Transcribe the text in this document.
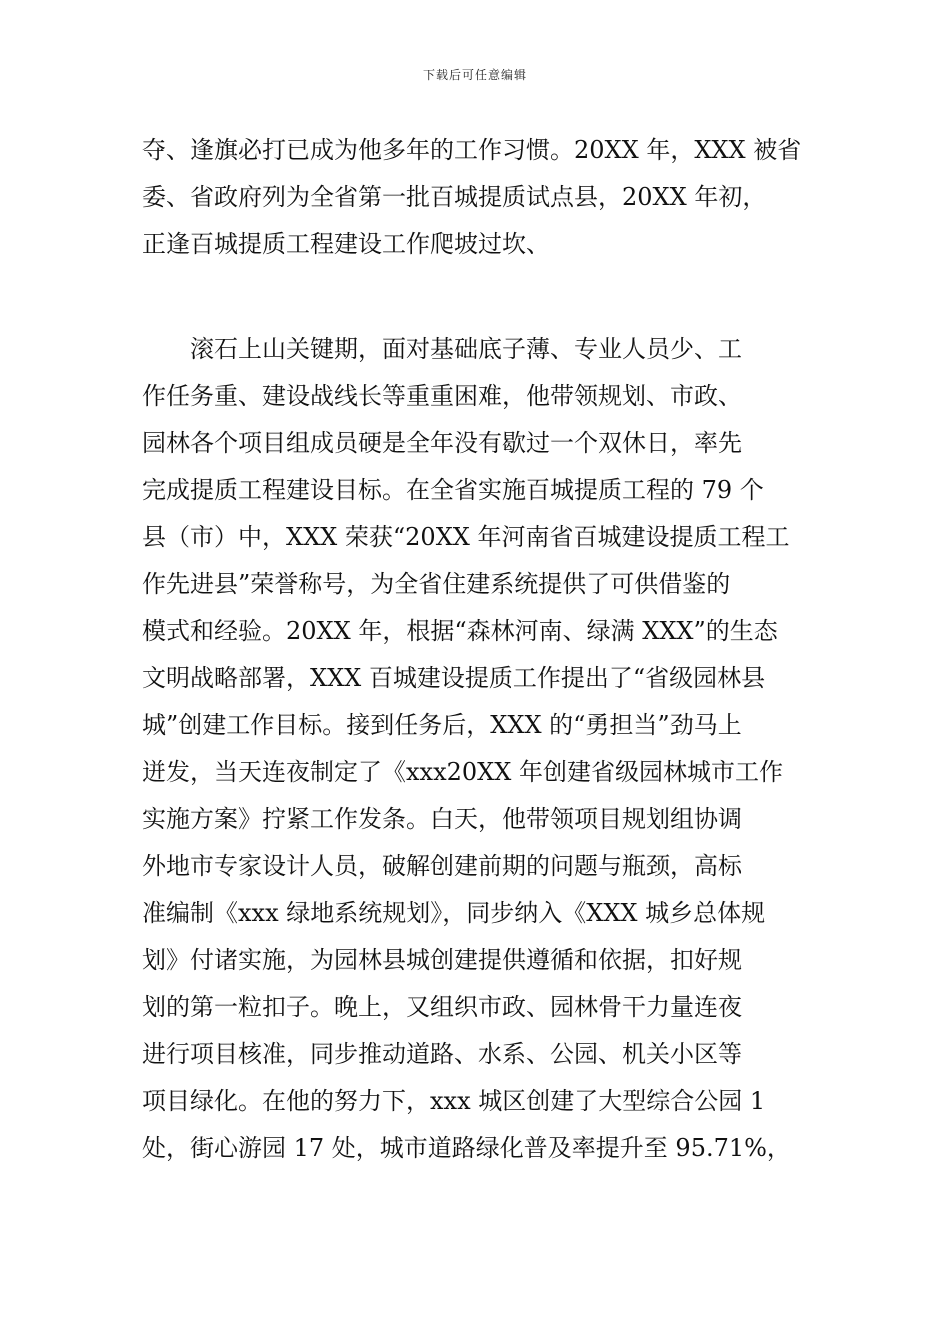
下载后可任意编辑
夺、逢旗必打已成为他多年的工作习惯。20XX 年，XXX 被省
委、省政府列为全省第一批百城提质试点县，20XX 年初，
正逢百城提质工程建设工作爬坡过坎、
　　滚石上山关键期，面对基础底子薄、专业人员少、工
作任务重、建设战线长等重重困难，他带领规划、市政、
园林各个项目组成员硬是全年没有歇过一个双休日，率先
完成提质工程建设目标。在全省实施百城提质工程的 79 个
县（市）中，XXX 荣获“20XX 年河南省百城建设提质工程工
作先进县”荣誉称号，为全省住建系统提供了可供借鉴的
模式和经验。20XX 年，根据“森林河南、绿满 XXX”的生态
文明战略部署，XXX 百城建设提质工作提出了“省级园林县
城”创建工作目标。接到任务后，XXX 的“勇担当”劲马上
迸发，当天连夜制定了《xxx20XX 年创建省级园林城市工作
实施方案》拧紧工作发条。白天，他带领项目规划组协调
外地市专家设计人员，破解创建前期的问题与瓶颈，高标
准编制《xxx 绿地系统规划》，同步纳入《XXX 城乡总体规
划》付诸实施，为园林县城创建提供遵循和依据，扣好规
划的第一粒扣子。晚上，又组织市政、园林骨干力量连夜
进行项目核准，同步推动道路、水系、公园、机关小区等
项目绿化。在他的努力下，xxx 城区创建了大型综合公园 1
处，街心游园 17 处，城市道路绿化普及率提升至 95.71%，
